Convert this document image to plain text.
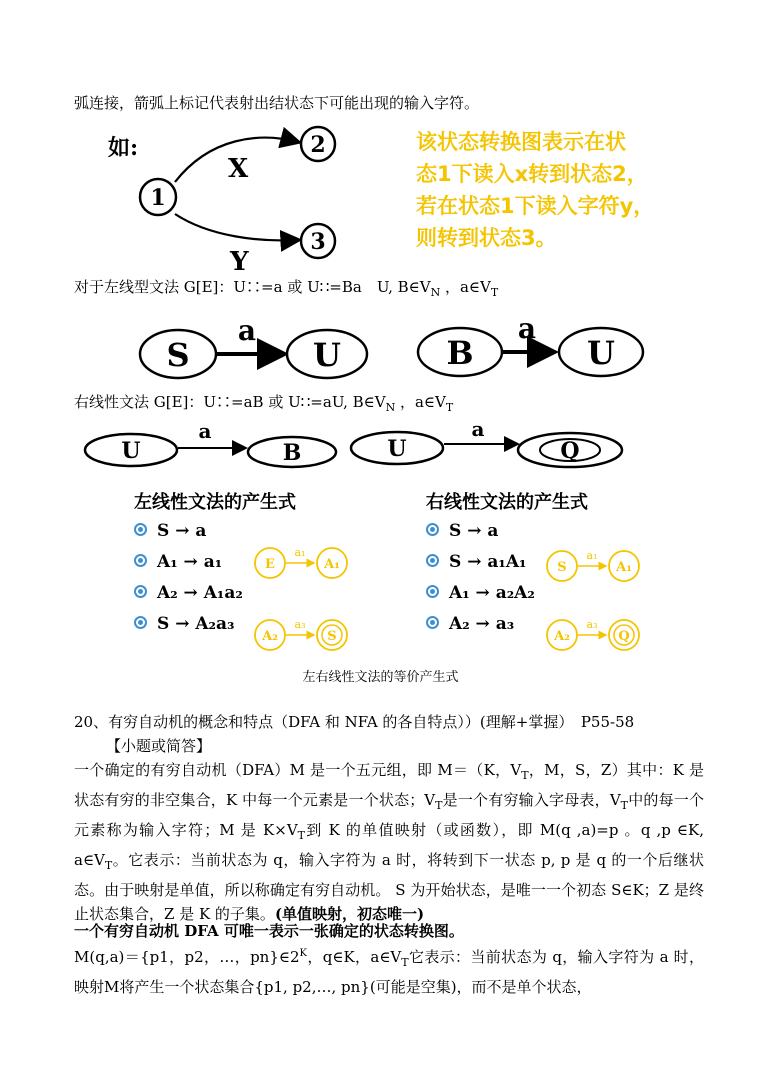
弧连接，箭弧上标记代表射出结状态下可能出现的输入字符。
如:
1
2
3
X
Y
该状态转换图表示在状
态1下读入x转到状态2，
若在状态1下读入字符y，
则转到状态3。
对于左线型文法 G[E]：U∷=a 或 U∷=Ba　U, $B\in V_N$ ，$a\in V_T$
S
a
U	B
a
U
右线性文法 G[E]：U∷=aB 或 U∷=aU, $B\in V_N$ ，$a\in V_T$
U
a
B	U
a
Q
左线性文法的产生式	右线性文法的产生式
S → a
A₁ → a₁
A₂ → A₁a₂
S → A₂a₃
S → a
S → a₁A₁
A₁ → a₂A₂
A₂ → a₃
E
a₁
A₁
A₂
a₃
S
S
a₁
A₁
A₂
a₃
Q
左右线性文法的等价产生式
20、有穷自动机的概念和特点（DFA 和 NFA 的各自特点））(理解+掌握）　P55-58
【小题或简答】
一个确定的有穷自动机（DFA）M 是一个五元组，即 M＝（K，$V_T$，M，S，Z）其中：K 是状态有穷的非空集合，K 中每一个元素是一个状态；$V_T$是一个有穷输入字母表，$V_T$中的每一个元素称为输入字符；M 是 $K\times V_T$到 K 的单值映射（或函数），即 M(q ,a)=p 。q ,p ∈K, $a\in V_T$。它表示：当前状态为 q，输入字符为 a 时，将转到下一状态 p, p 是 q 的一个后继状态。由于映射是单值，所以称确定有穷自动机。 S 为开始状态，是唯一一个初态 S∈K；Z 是终止状态集合，Z 是 K 的子集。(单值映射，初态唯一)
一个有穷自动机 DFA 可唯一表示一张确定的状态转换图。
M(q,a)＝{p1，p2，…，$pn\}\in 2^K$，q∈K，$a\in V_T$它表示：当前状态为 q，输入字符为 a 时，映射M将产生一个状态集合{p1, p2,…, pn}(可能是空集)，而不是单个状态，
